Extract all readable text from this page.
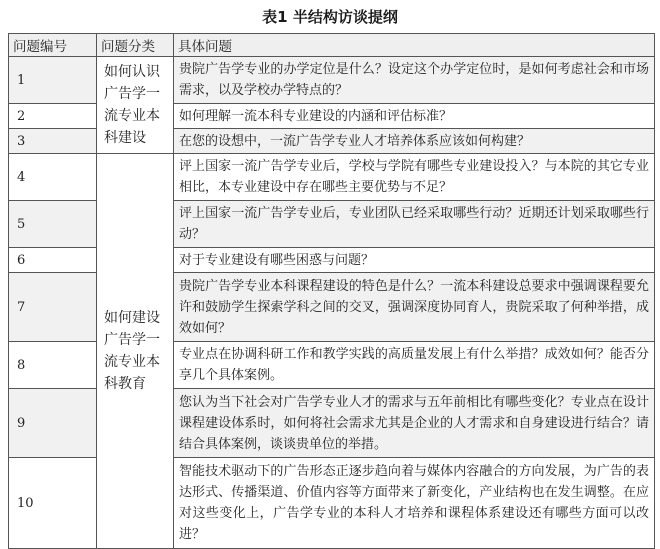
表1 半结构访谈提纲
问题编号	问题分类	具体问题
1	如何认识广告学一流专业本科建设	贵院广告学专业的办学定位是什么？设定这个办学定位时，是如何考虑社会和市场需求，以及学校办学特点的？
2		如何理解一流本科专业建设的内涵和评估标准？
3		在您的设想中，一流广告学专业人才培养体系应该如何构建？
4	如何建设广告学一流专业本科教育	评上国家一流广告学专业后，学校与学院有哪些专业建设投入？与本院的其它专业相比，本专业建设中存在哪些主要优势与不足？
5		评上国家一流广告学专业后，专业团队已经采取哪些行动？近期还计划采取哪些行动？
6		对于专业建设有哪些困惑与问题？
7		贵院广告学专业本科课程建设的特色是什么？一流本科建设总要求中强调课程要允许和鼓励学生探索学科之间的交叉，强调深度协同育人，贵院采取了何种举措，成效如何？
8		专业点在协调科研工作和教学实践的高质量发展上有什么举措？成效如何？能否分享几个具体案例。
9		您认为当下社会对广告学专业人才的需求与五年前相比有哪些变化？专业点在设计课程建设体系时，如何将社会需求尤其是企业的人才需求和自身建设进行结合？请结合具体案例，谈谈贵单位的举措。
10		智能技术驱动下的广告形态正逐步趋向着与媒体内容融合的方向发展，为广告的表达形式、传播渠道、价值内容等方面带来了新变化，产业结构也在发生调整。在应对这些变化上，广告学专业的本科人才培养和课程体系建设还有哪些方面可以改进？
